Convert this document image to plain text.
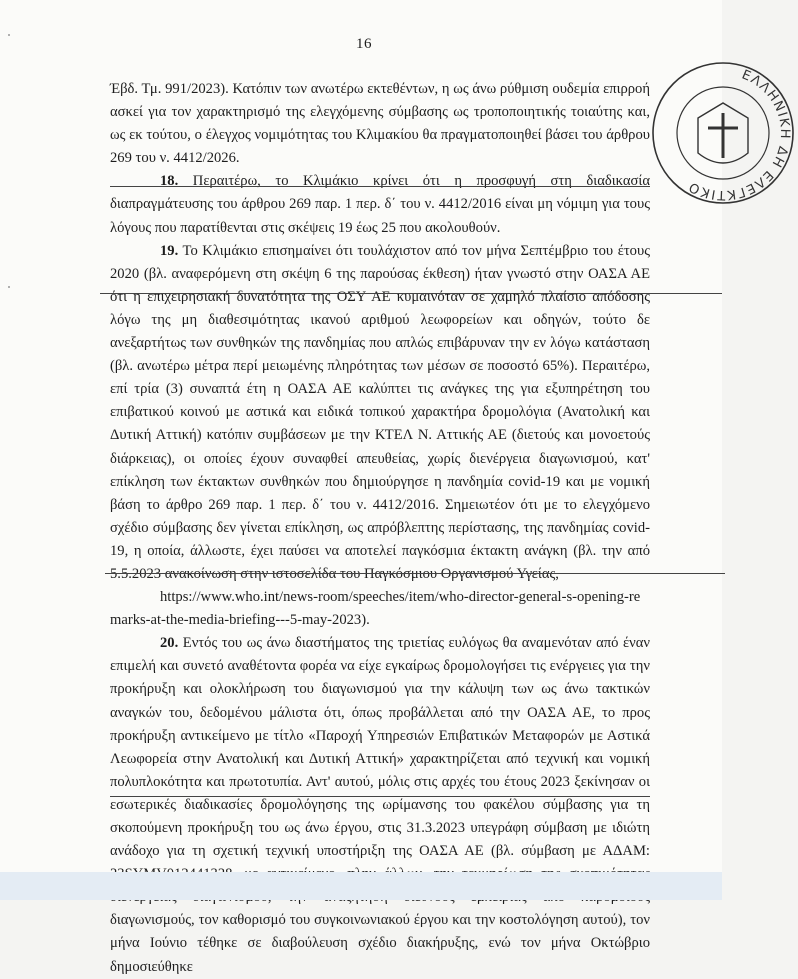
16
ΕΛΛΗΝΙΚΗ ΔΗ ΕΛΕΓΚΤΙΚΟ

Έβδ. Τμ. 991/2023). Κατόπιν των ανωτέρω εκτεθέντων, η ως άνω ρύθμιση ουδεμία επιρροή ασκεί για τον χαρακτηρισμό της ελεγχόμενης σύμβασης ως τροποποιητικής τοιαύτης και, ως εκ τούτου, ο έλεγχος νομιμότητας του Κλιμακίου θα πραγματοποιηθεί βάσει του άρθρου 269 του ν. 4412/2026.

18. Περαιτέρω, το Κλιμάκιο κρίνει ότι η προσφυγή στη διαδικασία διαπραγμάτευσης του άρθρου 269 παρ. 1 περ. δ΄ του ν. 4412/2016 είναι μη νόμιμη για τους λόγους που παρατίθενται στις σκέψεις 19 έως 25 που ακολουθούν.

19. Το Κλιμάκιο επισημαίνει ότι τουλάχιστον από τον μήνα Σεπτέμβριο του έτους 2020 (βλ. αναφερόμενη στη σκέψη 6 της παρούσας έκθεση) ήταν γνωστό στην ΟΑΣΑ ΑΕ ότι η επιχειρησιακή δυνατότητα της ΟΣΥ ΑΕ κυμαινόταν σε χαμηλό πλαίσιο απόδοσης λόγω της μη διαθεσιμότητας ικανού αριθμού λεωφορείων και οδηγών, τούτο δε ανεξαρτήτως των συνθηκών της πανδημίας που απλώς επιβάρυναν την εν λόγω κατάσταση (βλ. ανωτέρω μέτρα περί μειωμένης πληρότητας των μέσων σε ποσοστό 65%). Περαιτέρω, επί τρία (3) συναπτά έτη η ΟΑΣΑ ΑΕ καλύπτει τις ανάγκες της για εξυπηρέτηση του επιβατικού κοινού με αστικά και ειδικά τοπικού χαρακτήρα δρομολόγια (Ανατολική και Δυτική Αττική) κατόπιν συμβάσεων με την ΚΤΕΛ Ν. Αττικής ΑΕ (διετούς και μονοετούς διάρκειας), οι οποίες έχουν συναφθεί απευθείας, χωρίς διενέργεια διαγωνισμού, κατ' επίκληση των έκτακτων συνθηκών που δημιούργησε η πανδημία covid-19 και με νομική βάση το άρθρο 269 παρ. 1 περ. δ΄ του ν. 4412/2016. Σημειωτέον ότι με το ελεγχόμενο σχέδιο σύμβασης δεν γίνεται επίκληση, ως απρόβλεπτης περίστασης, της πανδημίας covid-19, η οποία, άλλωστε, έχει παύσει να αποτελεί παγκόσμια έκτακτη ανάγκη (βλ. την από 5.5.2023 ανακοίνωση στην ιστοσελίδα του Παγκόσμιου Οργανισμού Υγείας,
https://www.who.int/news-room/speeches/item/who-director-general-s-opening-remarks-at-the-media-briefing---5-may-2023).

20. Εντός του ως άνω διαστήματος της τριετίας ευλόγως θα αναμενόταν από έναν επιμελή και συνετό αναθέτοντα φορέα να είχε εγκαίρως δρομολογήσει τις ενέργειες για την προκήρυξη και ολοκλήρωση του διαγωνισμού για την κάλυψη των ως άνω τακτικών αναγκών του, δεδομένου μάλιστα ότι, όπως προβάλλεται από την ΟΑΣΑ ΑΕ, το προς προκήρυξη αντικείμενο με τίτλο «Παροχή Υπηρεσιών Επιβατικών Μεταφορών με Αστικά Λεωφορεία στην Ανατολική και Δυτική Αττική» χαρακτηρίζεται από τεχνική και νομική πολυπλοκότητα και πρωτοτυπία. Αντ' αυτού, μόλις στις αρχές του έτους 2023 ξεκίνησαν οι εσωτερικές διαδικασίες δρομολόγησης της ωρίμανσης του φακέλου σύμβασης για τη σκοπούμενη προκήρυξη του ως άνω έργου, στις 31.3.2023 υπεγράφη σύμβαση με ιδιώτη ανάδοχο για τη σχετική τεχνική υποστήριξη της ΟΑΣΑ ΑΕ (βλ. σύμβαση με ΑΔΑΜ: διαγωνισμούς, τον καθορισμό του συγκοινωνιακού έργου και την κοστολόγηση αυτού), τον μήνα Ιούνιο τέθηκε σε διαβούλευση σχέδιο διακήρυξης, ενώ τον μήνα Οκτώβριο δημοσιεύθηκε
